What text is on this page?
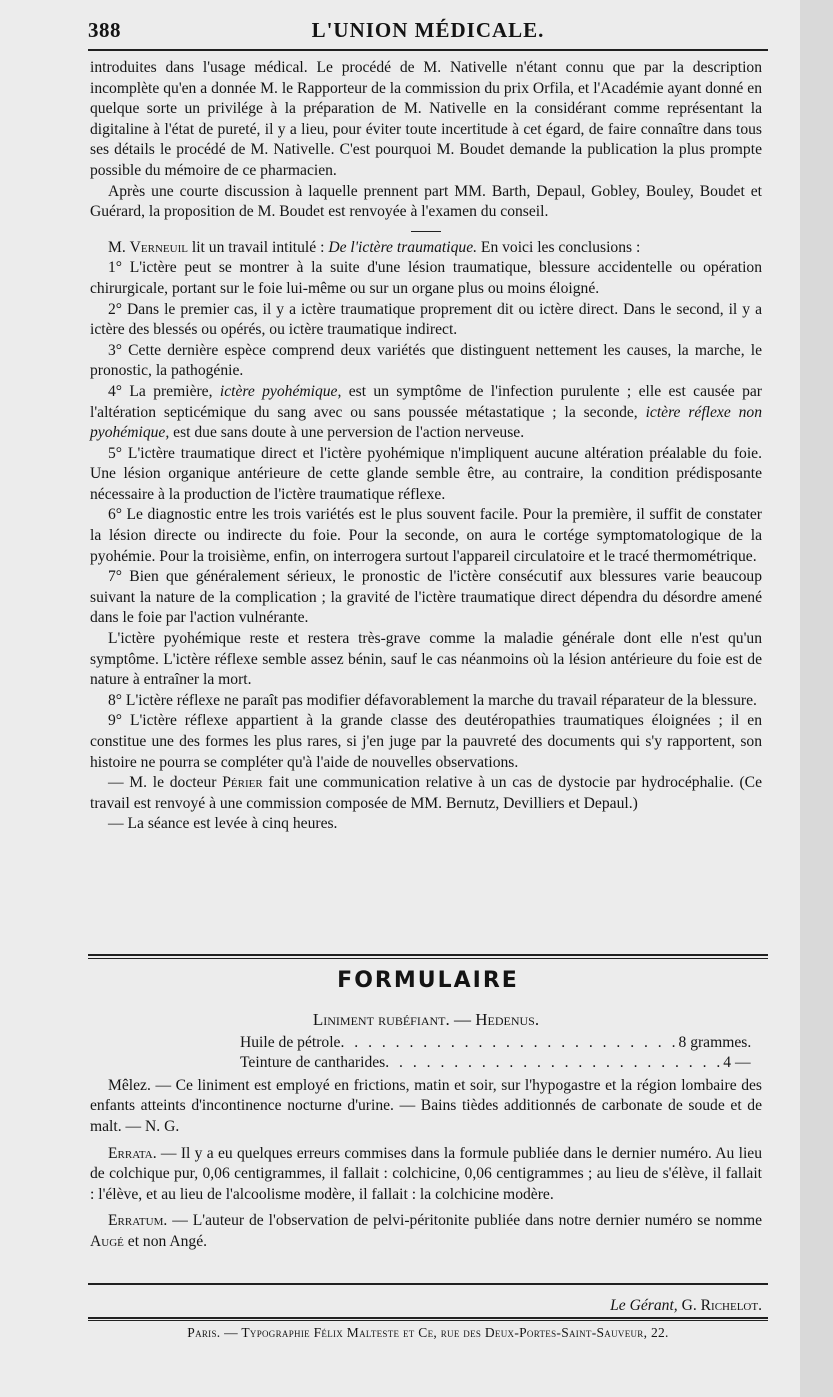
388	L'UNION MÉDICALE.

introduites dans l'usage médical. Le procédé de M. Nativelle n'étant connu que par la description incomplète qu'en a donnée M. le Rapporteur de la commission du prix Orfila, et l'Académie ayant donné en quelque sorte un privilége à la préparation de M. Nativelle en la considérant comme représentant la digitaline à l'état de pureté, il y a lieu, pour éviter toute incertitude à cet égard, de faire connaître dans tous ses détails le procédé de M. Nativelle. C'est pourquoi M. Boudet demande la publication la plus prompte possible du mémoire de ce pharmacien.

Après une courte discussion à laquelle prennent part MM. Barth, Depaul, Gobley, Bouley, Boudet et Guérard, la proposition de M. Boudet est renvoyée à l'examen du conseil.

M. Verneuil lit un travail intitulé : De l'ictère traumatique. En voici les conclusions :

1° L'ictère peut se montrer à la suite d'une lésion traumatique, blessure accidentelle ou opération chirurgicale, portant sur le foie lui-même ou sur un organe plus ou moins éloigné.

2° Dans le premier cas, il y a ictère traumatique proprement dit ou ictère direct. Dans le second, il y a ictère des blessés ou opérés, ou ictère traumatique indirect.

3° Cette dernière espèce comprend deux variétés que distinguent nettement les causes, la marche, le pronostic, la pathogénie.

4° La première, ictère pyohémique, est un symptôme de l'infection purulente ; elle est causée par l'altération septicémique du sang avec ou sans poussée métastatique ; la seconde, ictère réflexe non pyohémique, est due sans doute à une perversion de l'action nerveuse.

5° L'ictère traumatique direct et l'ictère pyohémique n'impliquent aucune altération préalable du foie. Une lésion organique antérieure de cette glande semble être, au contraire, la condition prédisposante nécessaire à la production de l'ictère traumatique réflexe.

6° Le diagnostic entre les trois variétés est le plus souvent facile. Pour la première, il suffit de constater la lésion directe ou indirecte du foie. Pour la seconde, on aura le cortége symptomatologique de la pyohémie. Pour la troisième, enfin, on interrogera surtout l'appareil circulatoire et le tracé thermométrique.

7° Bien que généralement sérieux, le pronostic de l'ictère consécutif aux blessures varie beaucoup suivant la nature de la complication ; la gravité de l'ictère traumatique direct dépendra du désordre amené dans le foie par l'action vulnérante.

L'ictère pyohémique reste et restera très-grave comme la maladie générale dont elle n'est qu'un symptôme. L'ictère réflexe semble assez bénin, sauf le cas néanmoins où la lésion antérieure du foie est de nature à entraîner la mort.

8° L'ictère réflexe ne paraît pas modifier défavorablement la marche du travail réparateur de la blessure.

9° L'ictère réflexe appartient à la grande classe des deutéropathies traumatiques éloignées ; il en constitue une des formes les plus rares, si j'en juge par la pauvreté des documents qui s'y rapportent, son histoire ne pourra se compléter qu'à l'aide de nouvelles observations.

— M. le docteur Périer fait une communication relative à un cas de dystocie par hydrocéphalie. (Ce travail est renvoyé à une commission composée de MM. Bernutz, Devilliers et Depaul.)

— La séance est levée à cinq heures.

FORMULAIRE
Liniment rubéfiant. — Hedenus.
Huile de pétrole . . . . . . . . . . . . . . . . . . . . . . . . . 8 grammes.
Teinture de cantharides . . . . . . . . . . . . . . . . . . . . . . . . . 4 —

Mêlez. — Ce liniment est employé en frictions, matin et soir, sur l'hypogastre et la région lombaire des enfants atteints d'incontinence nocturne d'urine. — Bains tièdes additionnés de carbonate de soude et de malt. — N. G.

Errata. — Il y a eu quelques erreurs commises dans la formule publiée dans le dernier numéro. Au lieu de colchique pur, 0,06 centigrammes, il fallait : colchicine, 0,06 centigrammes ; au lieu de s'élève, il fallait : l'élève, et au lieu de l'alcoolisme modère, il fallait : la colchicine modère.

Erratum. — L'auteur de l'observation de pelvi-péritonite publiée dans notre dernier numéro se nomme Augé et non Angé.

Le Gérant, G. Richelot.
Paris. — Typographie Félix Malteste et Ce, rue des Deux-Portes-Saint-Sauveur, 22.
